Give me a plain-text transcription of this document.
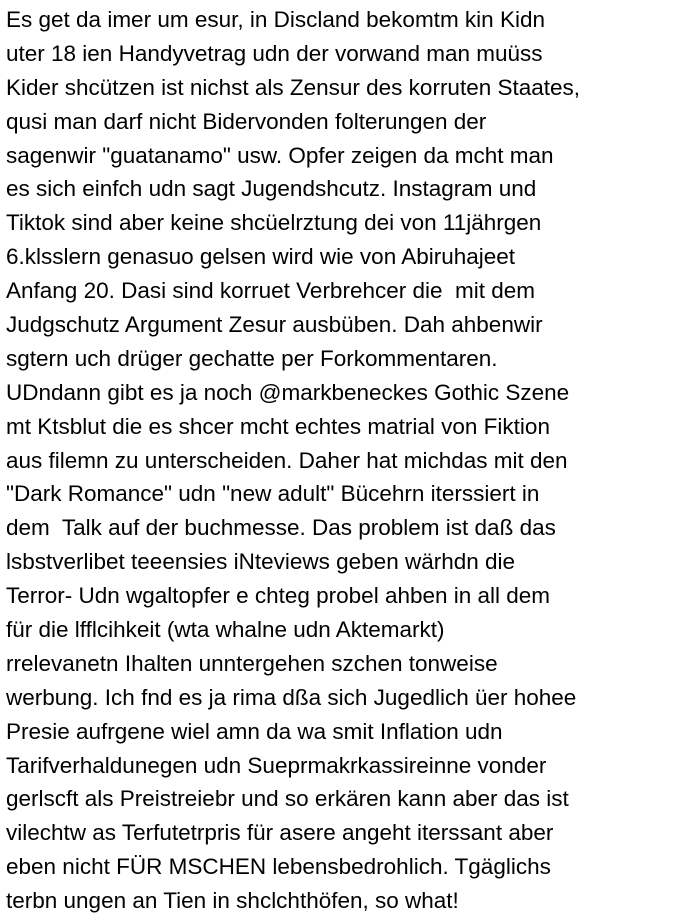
Es get da imer um esur, in Discland bekomtm kin Kidn
uter 18 ien Handyvetrag udn der vorwand man muüss
Kider shcützen ist nichst als Zensur des korruten Staates,
qusi man darf nicht Bidervonden folterungen der
sagenwir "guatanamo" usw. Opfer zeigen da mcht man
es sich einfch udn sagt Jugendshcutz. Instagram und
Tiktok sind aber keine shcüelrztung dei von 11jährgen
6.klsslern genasuo gelsen wird wie von Abiruhajeet
Anfang 20. Dasi sind korruet Verbrehcer die  mit dem
Judgschutz Argument Zesur ausbüben. Dah ahbenwir
sgtern uch drüger gechatte per Forkommentaren.
UDndann gibt es ja noch @markbeneckes Gothic Szene
mt Ktsblut die es shcer mcht echtes matrial von Fiktion
aus filemn zu unterscheiden. Daher hat michdas mit den
"Dark Romance" udn "new adult" Bücehrn iterssiert in
dem  Talk auf der buchmesse. Das problem ist daß das
lsbstverlibet teeensies iNteviews geben wärhdn die
Terror- Udn wgaltopfer e chteg probel ahben in all dem
für die lfflcihkeit (wta whalne udn Aktemarkt)
rrelevanetn Ihalten unntergehen szchen tonweise
werbung. Ich fnd es ja rima dßa sich Jugedlich üer hohee
Presie aufrgene wiel amn da wa smit Inflation udn
Tarifverhaldunegen udn Sueprmakrkassireinne vonder
gerlscft als Preistreiebr und so erkären kann aber das ist
vilechtw as Terfutetrpris für asere angeht iterssant aber
eben nicht FÜR MSCHEN lebensbedrohlich. Tgäglichs
terbn ungen an Tien in shclchthöfen, so what!
